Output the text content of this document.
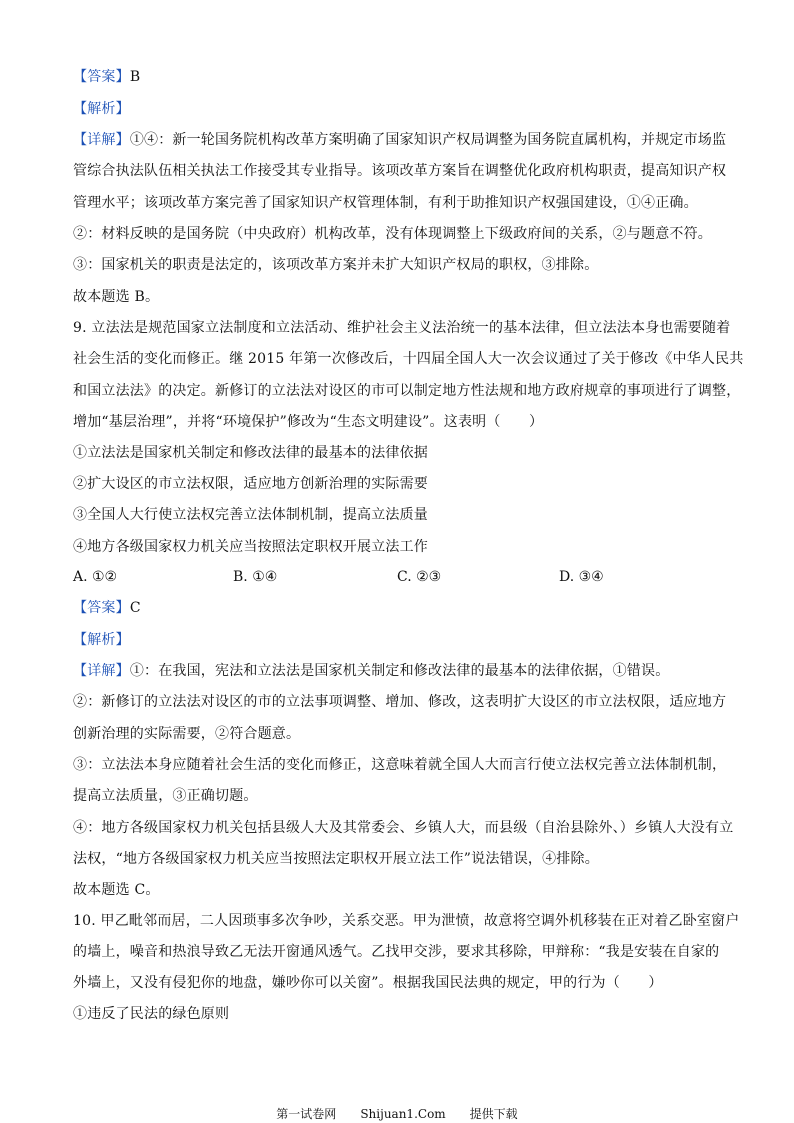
【答案】B
【解析】
【详解】①④：新一轮国务院机构改革方案明确了国家知识产权局调整为国务院直属机构，并规定市场监
管综合执法队伍相关执法工作接受其专业指导。该项改革方案旨在调整优化政府机构职责，提高知识产权
管理水平；该项改革方案完善了国家知识产权管理体制，有利于助推知识产权强国建设，①④正确。
②：材料反映的是国务院（中央政府）机构改革，没有体现调整上下级政府间的关系，②与题意不符。
③：国家机关的职责是法定的，该项改革方案并未扩大知识产权局的职权，③排除。
故本题选 B。
9. 立法法是规范国家立法制度和立法活动、维护社会主义法治统一的基本法律，但立法法本身也需要随着
社会生活的变化而修正。继 2015 年第一次修改后，十四届全国人大一次会议通过了关于修改《中华人民共
和国立法法》的决定。新修订的立法法对设区的市可以制定地方性法规和地方政府规章的事项进行了调整，
增加“基层治理”，并将“环境保护”修改为“生态文明建设”。这表明（　　）
①立法法是国家机关制定和修改法律的最基本的法律依据
②扩大设区的市立法权限，适应地方创新治理的实际需要
③全国人大行使立法权完善立法体制机制，提高立法质量
④地方各级国家权力机关应当按照法定职权开展立法工作
A. ①②	B. ①④	C. ②③	D. ③④
【答案】C
【解析】
【详解】①：在我国，宪法和立法法是国家机关制定和修改法律的最基本的法律依据，①错误。
②：新修订的立法法对设区的市的立法事项调整、增加、修改，这表明扩大设区的市立法权限，适应地方
创新治理的实际需要，②符合题意。
③：立法法本身应随着社会生活的变化而修正，这意味着就全国人大而言行使立法权完善立法体制机制，
提高立法质量，③正确切题。
④：地方各级国家权力机关包括县级人大及其常委会、乡镇人大，而县级（自治县除外、）乡镇人大没有立
法权，“地方各级国家权力机关应当按照法定职权开展立法工作”说法错误，④排除。
故本题选 C。
10. 甲乙毗邻而居，二人因琐事多次争吵，关系交恶。甲为泄愤，故意将空调外机移装在正对着乙卧室窗户
的墙上，噪音和热浪导致乙无法开窗通风透气。乙找甲交涉，要求其移除，甲辩称：“我是安装在自家的
外墙上，又没有侵犯你的地盘，嫌吵你可以关窗”。根据我国民法典的规定，甲的行为（　　）
①违反了民法的绿色原则
第一试卷网 Shijuan1.Com 提供下载
